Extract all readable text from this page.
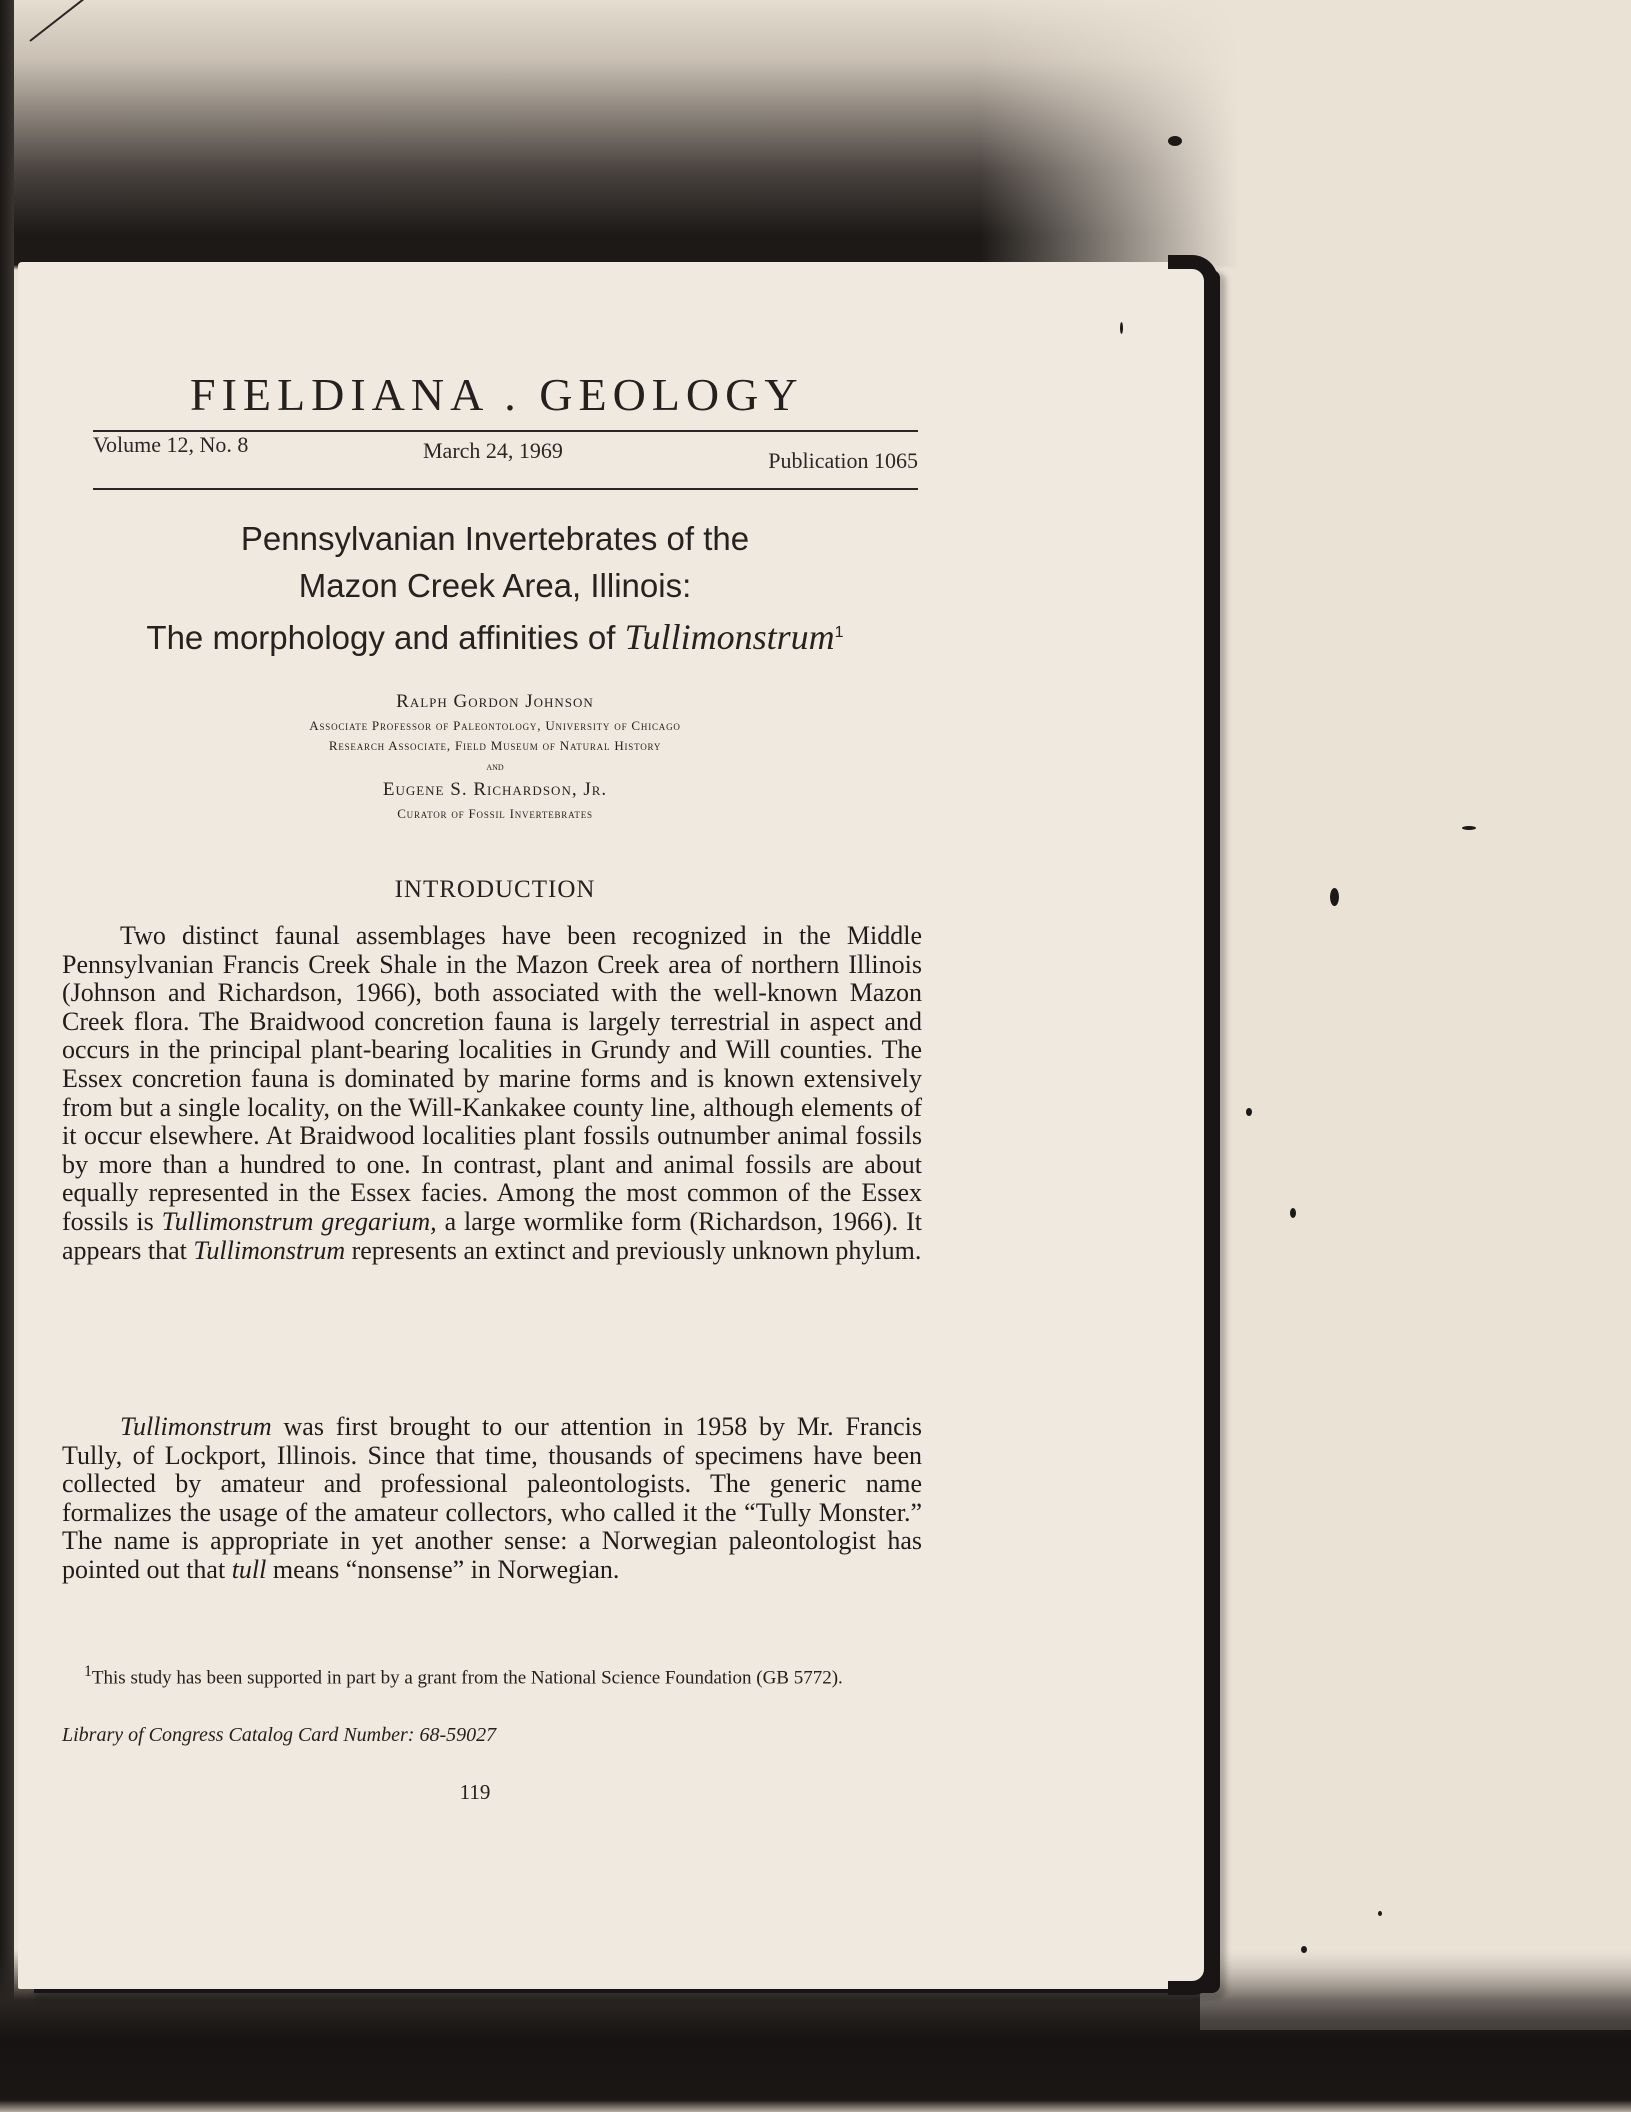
FIELDIANA . GEOLOGY
Volume 12, No. 8	March 24, 1969	Publication 1065
Pennsylvanian Invertebrates of the
Mazon Creek Area, Illinois:
The morphology and affinities of Tullimonstrum$^1$
Ralph Gordon Johnson
Associate Professor of Paleontology, University of Chicago
Research Associate, Field Museum of Natural History
and
Eugene S. Richardson, Jr.
Curator of Fossil Invertebrates
INTRODUCTION

Two distinct faunal assemblages have been recognized in the Middle Pennsylvanian Francis Creek Shale in the Mazon Creek area of northern Illinois (Johnson and Richardson, 1966), both associated with the well-known Mazon Creek flora. The Braidwood concretion fauna is largely terrestrial in aspect and occurs in the principal plant-bearing localities in Grundy and Will counties. The Essex concretion fauna is dominated by marine forms and is known extensively from but a single locality, on the Will-Kankakee county line, although elements of it occur elsewhere. At Braidwood localities plant fossils outnumber animal fossils by more than a hundred to one. In contrast, plant and animal fossils are about equally represented in the Essex facies. Among the most common of the Essex fossils is Tullimonstrum gregarium, a large wormlike form (Richardson, 1966). It appears that Tullimonstrum represents an extinct and previously unknown phylum.

Tullimonstrum was first brought to our attention in 1958 by Mr. Francis Tully, of Lockport, Illinois. Since that time, thousands of specimens have been collected by amateur and professional paleontologists. The generic name formalizes the usage of the amateur collectors, who called it the “Tully Monster.” The name is appropriate in yet another sense: a Norwegian paleontologist has pointed out that tull means “nonsense” in Norwegian.

$^1$This study has been supported in part by a grant from the National Science Foundation (GB 5772).

Library of Congress Catalog Card Number: 68-59027
119
